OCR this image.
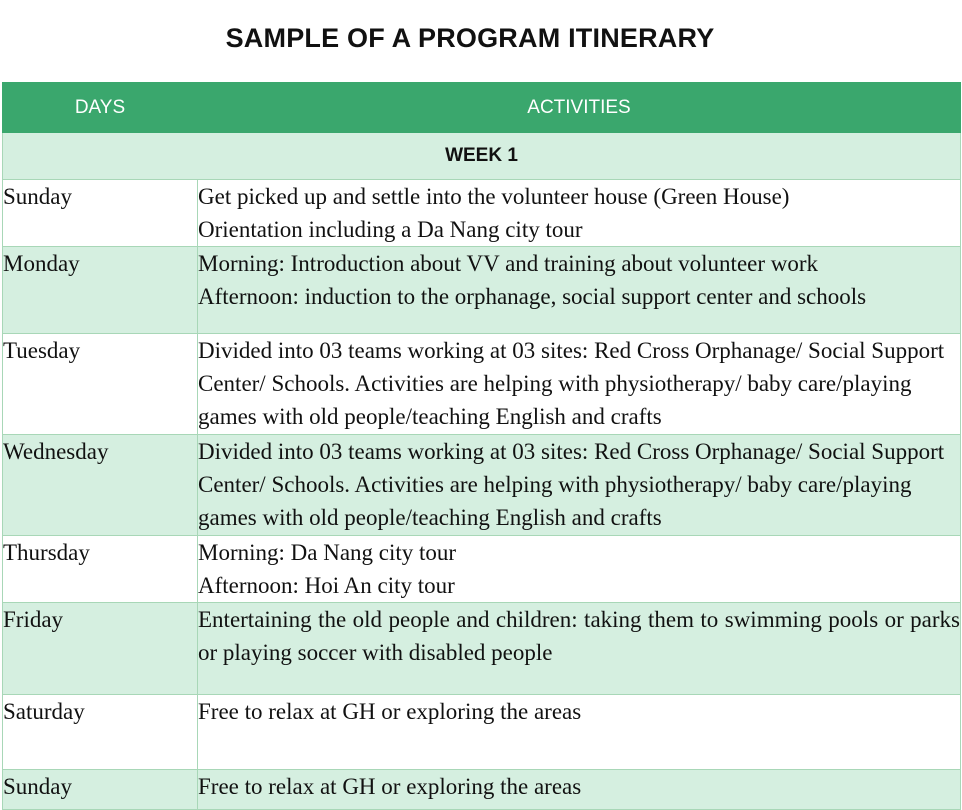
SAMPLE OF A PROGRAM ITINERARY
DAYS	ACTIVITIES
WEEK 1	
Sunday	Get picked up and settle into the volunteer house (Green House)
Orientation including a Da Nang city tour

Monday	Morning: Introduction about VV and training about volunteer work
Afternoon: induction to the orphanage, social support center and schools

Tuesday	Divided into 03 teams working at 03 sites: Red Cross Orphanage/ Social Support Center/ Schools. Activities are helping with physiotherapy/ baby care/playing games with old people/teaching English and crafts
Wednesday	Divided into 03 teams working at 03 sites: Red Cross Orphanage/ Social Support Center/ Schools. Activities are helping with physiotherapy/ baby care/playing games with old people/teaching English and crafts
Thursday	Morning: Da Nang city tour
Afternoon: Hoi An city tour

Friday	Entertaining the old people and children: taking them to swimming pools or parks or playing soccer with disabled people
Saturday	Free to relax at GH or exploring the areas

Sunday	Free to relax at GH or exploring the areas
